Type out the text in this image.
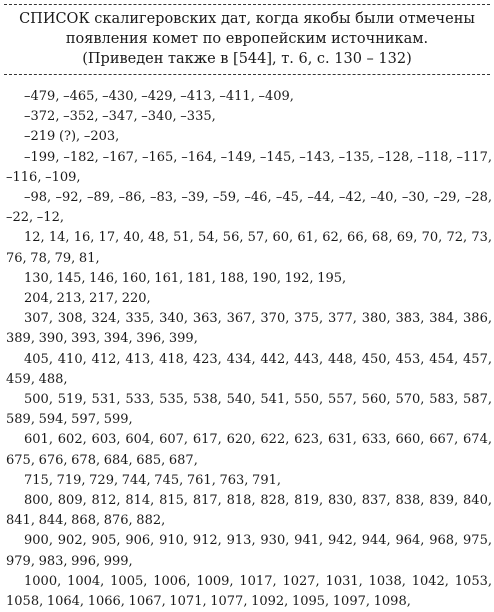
СПИСОК скалигеровских дат, когда якобы были отмечены
появления комет по европейским источникам.
(Приведен также в [544], т. 6, с. 130 – 132)
–479, –465, –430, –429, –413, –411, –409,
–372, –352, –347, –340, –335,
–219 (?), –203,
–199, –182, –167, –165, –164, –149, –145, –143, –135, –128, –118, –117, –116, –109,
–98, –92, –89, –86, –83, –39, –59, –46, –45, –44, –42, –40, –30, –29, –28, –22, –12,
12, 14, 16, 17, 40, 48, 51, 54, 56, 57, 60, 61, 62, 66, 68, 69, 70, 72, 73, 76, 78, 79, 81,
130, 145, 146, 160, 161, 181, 188, 190, 192, 195,
204, 213, 217, 220,
307, 308, 324, 335, 340, 363, 367, 370, 375, 377, 380, 383, 384, 386, 389, 390, 393, 394, 396, 399,
405, 410, 412, 413, 418, 423, 434, 442, 443, 448, 450, 453, 454, 457, 459, 488,
500, 519, 531, 533, 535, 538, 540, 541, 550, 557, 560, 570, 583, 587, 589, 594, 597, 599,
601, 602, 603, 604, 607, 617, 620, 622, 623, 631, 633, 660, 667, 674, 675, 676, 678, 684, 685, 687,
715, 719, 729, 744, 745, 761, 763, 791,
800, 809, 812, 814, 815, 817, 818, 828, 819, 830, 837, 838, 839, 840, 841, 844, 868, 876, 882,
900, 902, 905, 906, 910, 912, 913, 930, 941, 942, 944, 964, 968, 975, 979, 983, 996, 999,
1000, 1004, 1005, 1006, 1009, 1017, 1027, 1031, 1038, 1042, 1053, 1058, 1064, 1066, 1067, 1071, 1077, 1092, 1095, 1097, 1098,
